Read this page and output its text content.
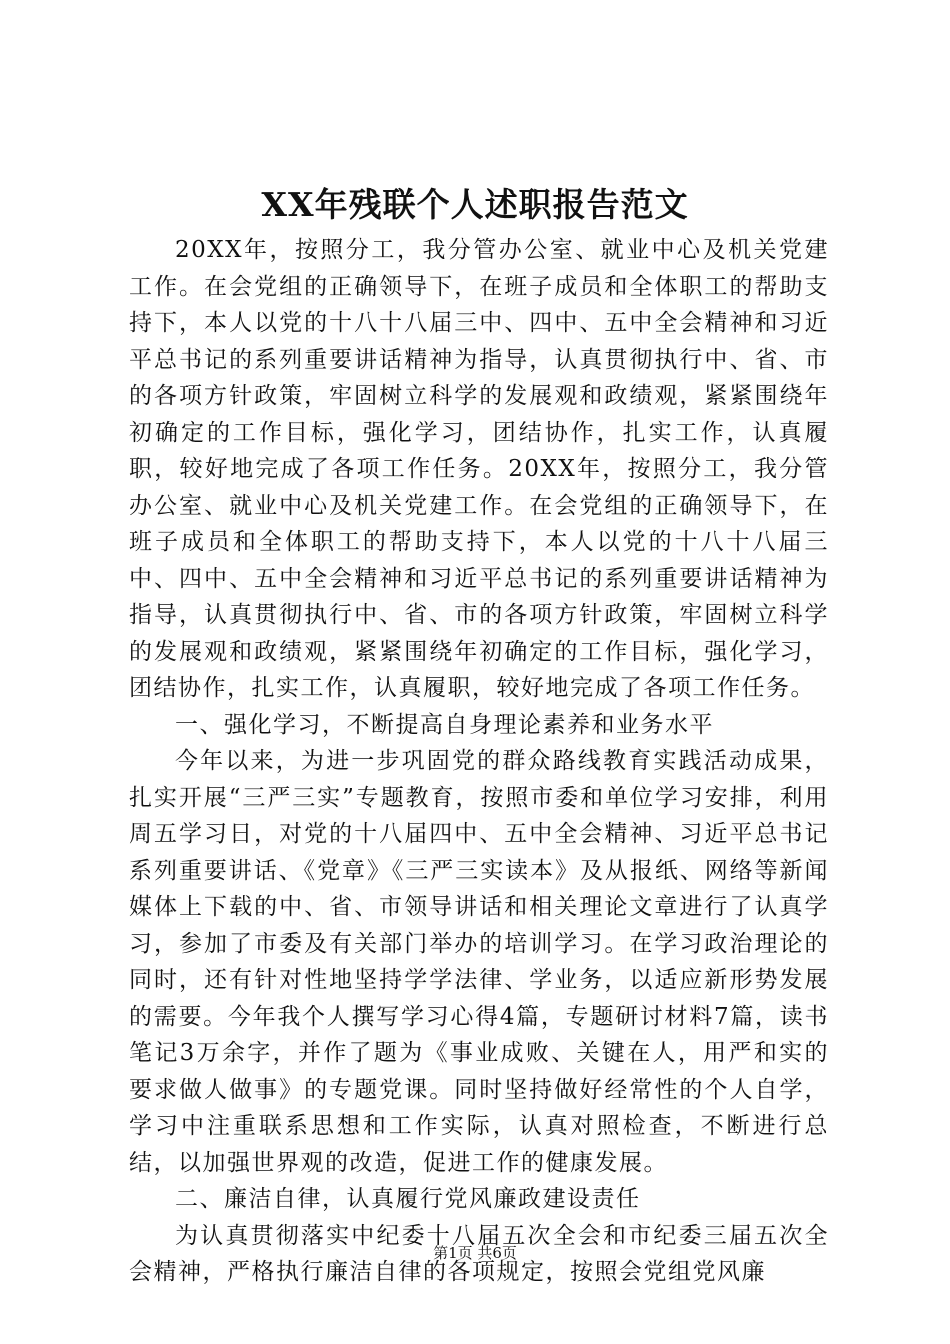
XX年残联个人述职报告范文

20XX年，按照分工，我分管办公室、就业中心及机关党建工作。在会党组的正确领导下，在班子成员和全体职工的帮助支持下，本人以党的十八十八届三中、四中、五中全会精神和习近平总书记的系列重要讲话精神为指导，认真贯彻执行中、省、市的各项方针政策，牢固树立科学的发展观和政绩观，紧紧围绕年初确定的工作目标，强化学习，团结协作，扎实工作，认真履职，较好地完成了各项工作任务。20XX年，按照分工，我分管办公室、就业中心及机关党建工作。在会党组的正确领导下，在班子成员和全体职工的帮助支持下，本人以党的十八十八届三中、四中、五中全会精神和习近平总书记的系列重要讲话精神为指导，认真贯彻执行中、省、市的各项方针政策，牢固树立科学的发展观和政绩观，紧紧围绕年初确定的工作目标，强化学习，团结协作，扎实工作，认真履职，较好地完成了各项工作任务。

一、强化学习，不断提高自身理论素养和业务水平

今年以来，为进一步巩固党的群众路线教育实践活动成果，扎实开展“三严三实”专题教育，按照市委和单位学习安排，利用周五学习日，对党的十八届四中、五中全会精神、习近平总书记系列重要讲话、《党章》《三严三实读本》及从报纸、网络等新闻媒体上下载的中、省、市领导讲话和相关理论文章进行了认真学习，参加了市委及有关部门举办的培训学习。在学习政治理论的同时，还有针对性地坚持学学法律、学业务，以适应新形势发展的需要。今年我个人撰写学习心得4篇，专题研讨材料7篇，读书笔记3万余字，并作了题为《事业成败、关键在人，用严和实的要求做人做事》的专题党课。同时坚持做好经常性的个人自学，学习中注重联系思想和工作实际，认真对照检查，不断进行总结，以加强世界观的改造，促进工作的健康发展。

二、廉洁自律，认真履行党风廉政建设责任

为认真贯彻落实中纪委十八届五次全会和市纪委三届五次全会精神，严格执行廉洁自律的各项规定，按照会党组党风廉

第1页 共6页
